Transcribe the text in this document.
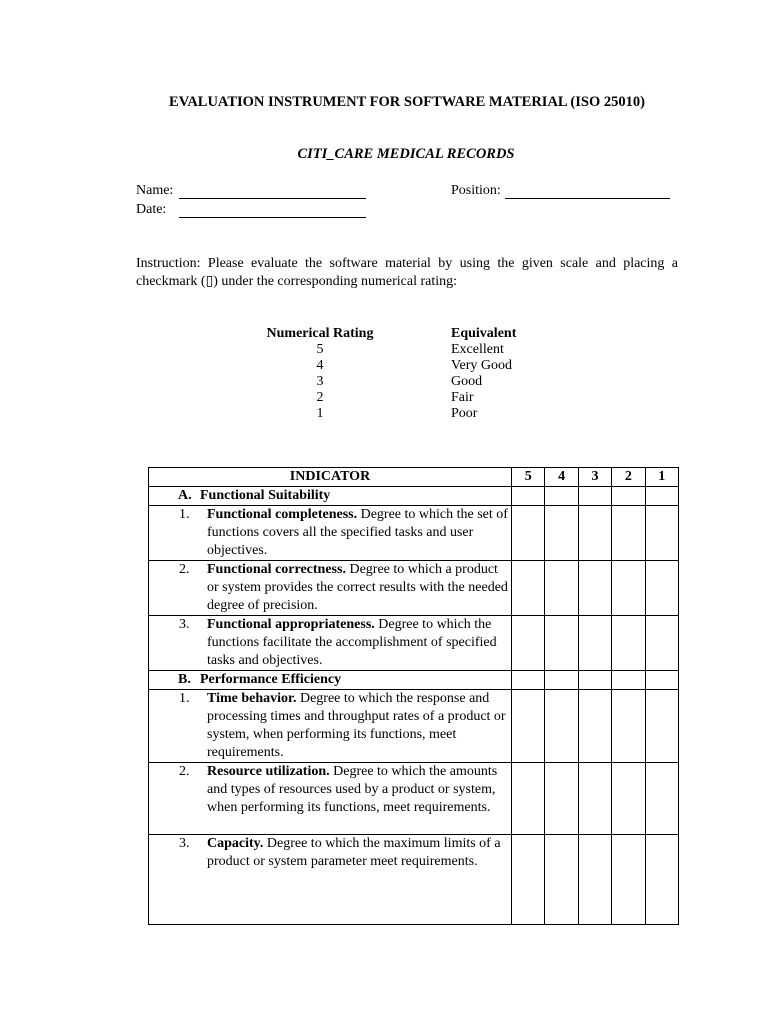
EVALUATION INSTRUMENT FOR SOFTWARE MATERIAL (ISO 25010)
CITI_CARE MEDICAL RECORDS
Name:	Position:
Date:
Instruction: Please evaluate the software material by using the given scale and placing a checkmark (▯) under the corresponding numerical rating:
Numerical Rating	Equivalent
5	Excellent
4	Very Good
3	Good
2	Fair
1	Poor
INDICATOR	5	4	3	2	1
A. Functional Suitability					

1. Functional completeness. Degree to which the set of functions covers all the specified tasks and user objectives.					

2. Functional correctness. Degree to which a product or system provides the correct results with the needed degree of precision.					

3. Functional appropriateness. Degree to which the functions facilitate the accomplishment of specified tasks and objectives.					

B. Performance Efficiency					

1. Time behavior. Degree to which the response and processing times and throughput rates of a product or system, when performing its functions, meet requirements.					

2. Resource utilization. Degree to which the amounts and types of resources used by a product or system, when performing its functions, meet requirements.					

3. Capacity. Degree to which the maximum limits of a product or system parameter meet requirements.					
